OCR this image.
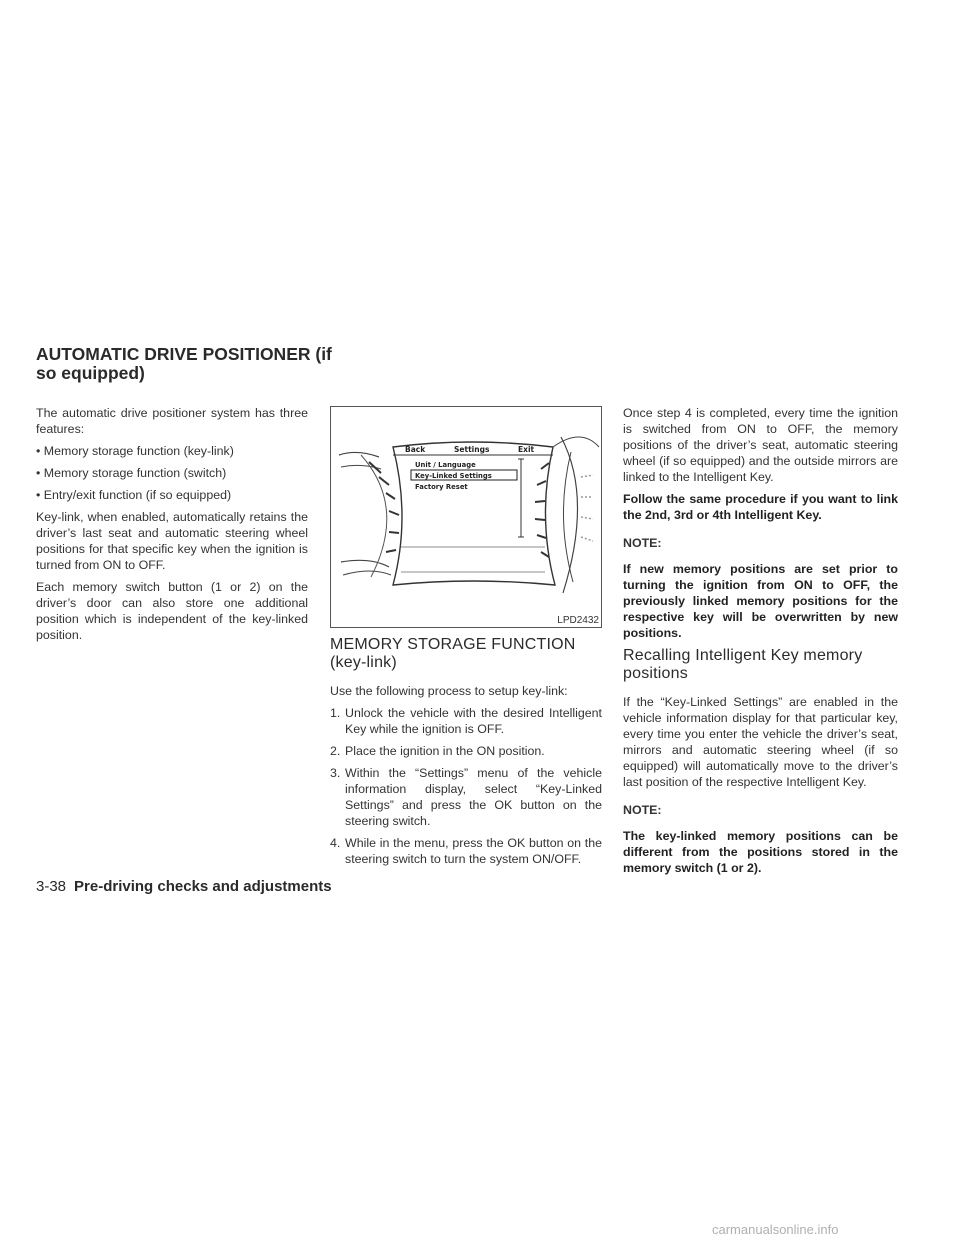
AUTOMATIC DRIVE POSITIONER (if so equipped)

The automatic drive positioner system has three features:

• Memory storage function (key-link)

• Memory storage function (switch)

• Entry/exit function (if so equipped)

Key-link, when enabled, automatically retains the driver’s last seat and automatic steering wheel positions for that specific key when the ignition is turned from ON to OFF.

Each memory switch button (1 or 2) on the driver’s door can also store one additional position which is independent of the key-linked position.

Back	Settings	Exit
Unit / Language
Key-Linked Settings
Factory Reset
LPD2432
MEMORY STORAGE FUNCTION (key-link)

Use the following process to setup key-link:

1. Unlock the vehicle with the desired Intelligent Key while the ignition is OFF.
2. Place the ignition in the ON position.
3. Within the “Settings” menu of the vehicle information display, select “Key-Linked Settings” and press the OK button on the steering switch.
4. While in the menu, press the OK button on the steering switch to turn the system ON/OFF.

Once step 4 is completed, every time the ignition is switched from ON to OFF, the memory positions of the driver’s seat, automatic steering wheel (if so equipped) and the outside mirrors are linked to the Intelligent Key.

Follow the same procedure if you want to link the 2nd, 3rd or 4th Intelligent Key.

NOTE:

If new memory positions are set prior to turning the ignition from ON to OFF, the previously linked memory positions for the respective key will be overwritten by new positions.

Recalling Intelligent Key memory positions

If the “Key-Linked Settings” are enabled in the vehicle information display for that particular key, every time you enter the vehicle the driver’s seat, mirrors and automatic steering wheel (if so equipped) will automatically move to the driver’s last position of the respective Intelligent Key.

NOTE:

The key-linked memory positions can be different from the positions stored in the memory switch (1 or 2).

3-38 Pre-driving checks and adjustments
carmanualsonline.info
